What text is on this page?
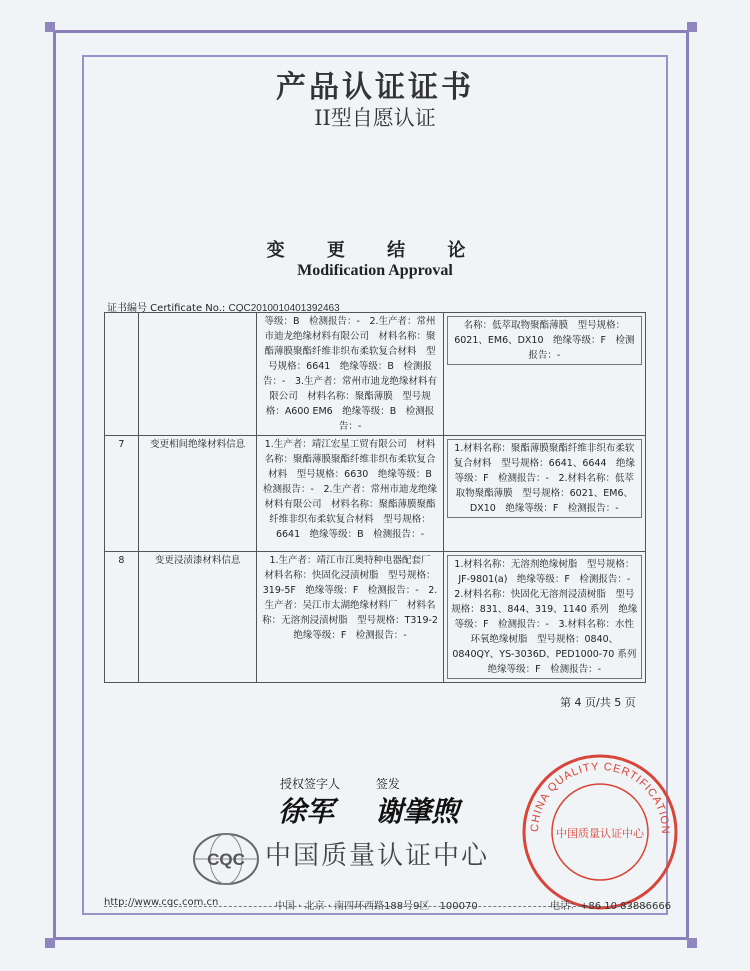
产品认证证书
II型自愿认证
变 更 结 论
Modification Approval
证书编号 Certificate No.: CQC2010010401392463
		等级：B　检测报告：-　2.生产者：常州市迪龙绝缘材料有限公司　材料名称：聚酯薄膜聚酯纤维非织布柔软复合材料　型号规格：6641　绝缘等级：B　检测报告：-　3.生产者：常州市迪龙绝缘材料有限公司　材料名称：聚酯薄膜　型号规格：A600 EM6　绝缘等级：B　检测报告：-	名称：低萃取物聚酯薄膜　型号规格：6021、EM6、DX10　绝缘等级：F　检测报告：-

7	变更相间绝缘材料信息	1.生产者：靖江宏星工贸有限公司　材料名称：聚酯薄膜聚酯纤维非织布柔软复合材料　型号规格：6630　绝缘等级：B　检测报告：-　2.生产者：常州市迪龙绝缘材料有限公司　材料名称：聚酯薄膜聚酯纤维非织布柔软复合材料　型号规格：6641　绝缘等级：B　检测报告：-	1.材料名称：聚酯薄膜聚酯纤维非织布柔软复合材料　型号规格：6641、6644　绝缘等级：F　检测报告：-　2.材料名称：低萃取物聚酯薄膜　型号规格：6021、EM6、DX10　绝缘等级：F　检测报告：-

8	变更浸渍漆材料信息	1.生产者：靖江市江奥特种电器配套厂　材料名称：快固化浸渍树脂　型号规格：319-5F　绝缘等级：F　检测报告：-　2.生产者：吴江市太湖绝缘材料厂　材料名称：无溶剂浸渍树脂　型号规格：T319-2　绝缘等级：F　检测报告：-	1.材料名称：无溶剂绝缘树脂　型号规格：JF-9801(a)　绝缘等级：F　检测报告：-　2.材料名称：快固化无溶剂浸渍树脂　型号规格：831、844、319、1140 系列　绝缘等级：F　检测报告：-　3.材料名称：水性环氧绝缘树脂　型号规格：0840、0840QY、YS-3036D、PED1000-70 系列　绝缘等级：F　检测报告：-
第 4 页/共 5 页
授权签字人	签发
徐军 谢肇煦
CQC 中国质量认证中心
CHINA QUALITY CERTIFICATION
中国质量认证中心
http://www.cqc.com.cn	中国 · 北京 · 南四环西路188号9区　100070	电话：+86 10 83886666
